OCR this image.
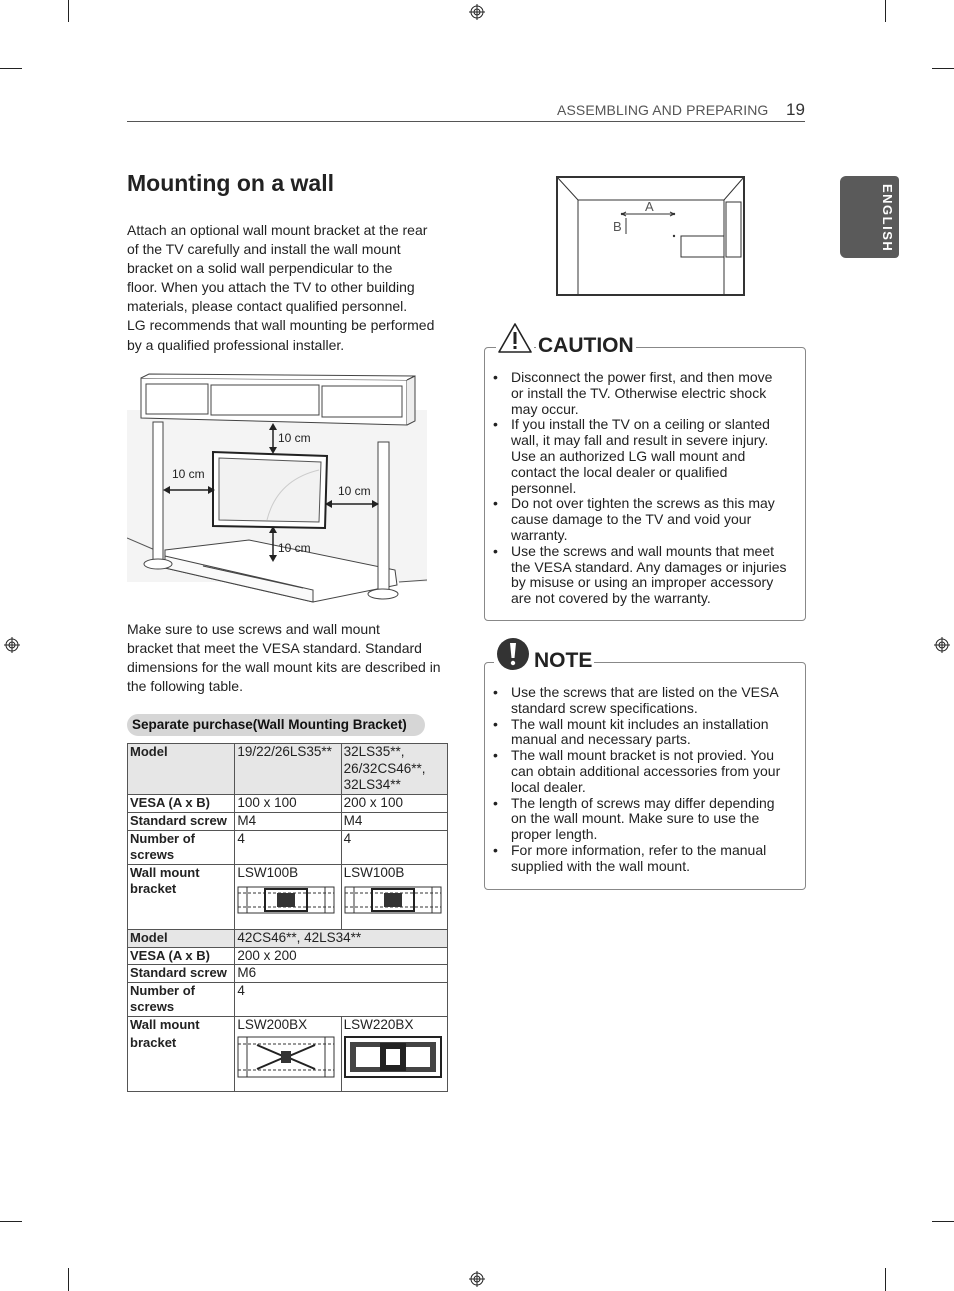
ASSEMBLING AND PREPARING 19
ENGLISH
Mounting on a wall
Attach an optional wall mount bracket at the rear
of the TV carefully and install the wall mount
bracket on a solid wall perpendicular to the
floor. When you attach the TV to other building
materials, please contact qualified personnel.
LG recommends that wall mounting be performed
by a qualified professional installer.
10 cm
10 cm
10 cm
10 cm
Make sure to use screws and wall mount
bracket that meet the VESA standard. Standard
dimensions for the wall mount kits are described in
the following table.
Separate purchase(Wall Mounting Bracket)
Model	19/22/26LS35**	32LS35**,
26/32CS46**,
32LS34**

VESA (A x B)	100 x 100	200 x 100
Standard screw	M4	M4

Number of
screws	4	4

Wall mount
bracket	LSW100B	LSW100B
Model	42CS46**, 42LS34**	
VESA (A x B)	200 x 200	
Standard screw	M6	

Number of
screws	4	

Wall mount
bracket	LSW200BX	LSW220BX
A
B
• Disconnect the power first, and then move
or install the TV. Otherwise electric shock
may occur.
• If you install the TV on a ceiling or slanted
wall, it may fall and result in severe injury.
Use an authorized LG wall mount and
contact the local dealer or qualified
personnel.
• Do not over tighten the screws as this may
cause damage to the TV and void your
warranty.
• Use the screws and wall mounts that meet
the VESA standard. Any damages or injuries
by misuse or using an improper accessory
are not covered by the warranty.
CAUTION
• Use the screws that are listed on the VESA
standard screw specifications.
• The wall mount kit includes an installation
manual and necessary parts.
• The wall mount bracket is not provied. You
can obtain additional accessories from your
local dealer.
• The length of screws may differ depending
on the wall mount. Make sure to use the
proper length.
• For more information, refer to the manual
supplied with the wall mount.
NOTE
